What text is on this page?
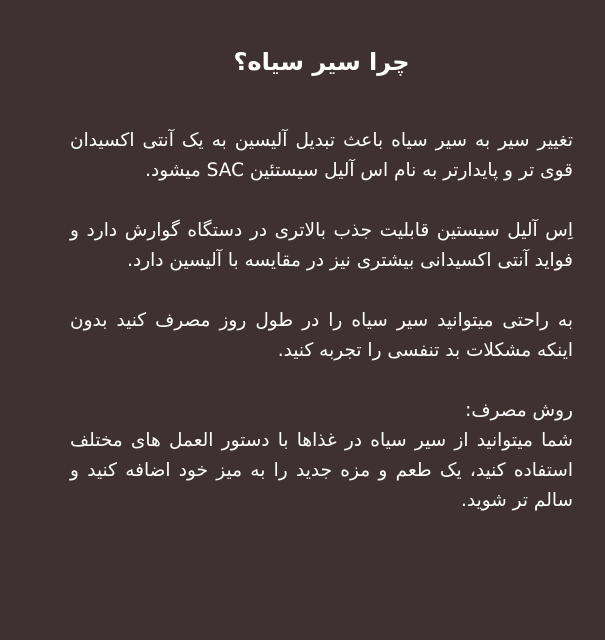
چرا سیر سیاه؟

تغییر سیر به سیر سیاه باعث تبدیل آلیسین به یک آنتی اکسیدان قوی تر و پایدارتر به نام اس آلیل سیستئین SAC میشود.

اِس آلیل سیستین قابلیت جذب بالاتری در دستگاه گوارش دارد و فواید آنتی اکسیدانی بیشتری نیز در مقایسه با آلیسین دارد.

به راحتی میتوانید سیر سیاه را در طول روز مصرف کنید بدون اینکه مشکلات بد تنفسی را تجربه کنید.

روش مصرف:

شما میتوانید از سیر سیاه در غذاها با دستور العمل های مختلف استفاده کنید، یک طعم و مزه جدید را به میز خود اضافه کنید و سالم تر شوید.
